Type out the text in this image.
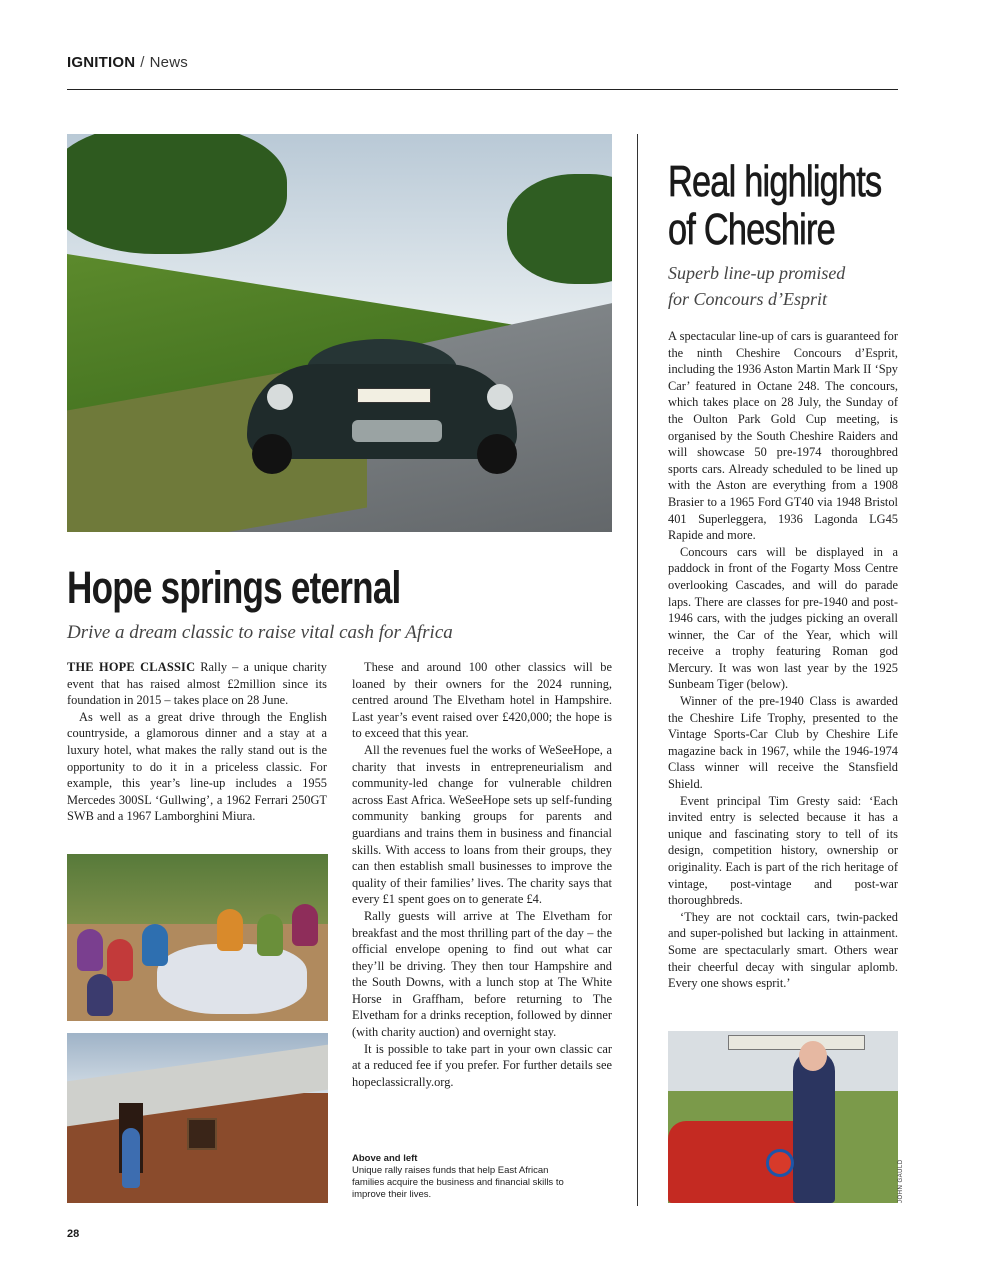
IGNITION / News
Hope springs eternal
Drive a dream classic to raise vital cash for Africa

THE HOPE CLASSIC Rally – a unique charity event that has raised almost £2million since its foundation in 2015 – takes place on 28 June.

As well as a great drive through the English countryside, a glamorous dinner and a stay at a luxury hotel, what makes the rally stand out is the opportunity to do it in a priceless classic. For example, this year’s line-up includes a 1955 Mercedes 300SL ‘Gullwing’, a 1962 Ferrari 250GT SWB and a 1967 Lamborghini Miura.

These and around 100 other classics will be loaned by their owners for the 2024 running, centred around The Elvetham hotel in Hampshire. Last year’s event raised over £420,000; the hope is to exceed that this year.

All the revenues fuel the works of WeSeeHope, a charity that invests in entrepreneurialism and community-led change for vulnerable children across East Africa. WeSeeHope sets up self-funding community banking groups for parents and guardians and trains them in business and financial skills. With access to loans from their groups, they can then establish small businesses to improve the quality of their families’ lives. The charity says that every £1 spent goes on to generate £4.

Rally guests will arrive at The Elvetham for breakfast and the most thrilling part of the day – the official envelope opening to find out what car they’ll be driving. They then tour Hampshire and the South Downs, with a lunch stop at The White Horse in Graffham, before returning to The Elvetham for a drinks reception, followed by dinner (with charity auction) and overnight stay.

It is possible to take part in your own classic car at a reduced fee if you prefer. For further details see hopeclassicrally.org.

Above and left
Unique rally raises funds that help East African families acquire the business and financial skills to improve their lives.
Real highlights
of Cheshire
Superb line-up promised
for Concours d’Esprit

A spectacular line-up of cars is guaranteed for the ninth Cheshire Concours d’Esprit, including the 1936 Aston Martin Mark II ‘Spy Car’ featured in Octane 248. The concours, which takes place on 28 July, the Sunday of the Oulton Park Gold Cup meeting, is organised by the South Cheshire Raiders and will showcase 50 pre-1974 thoroughbred sports cars. Already scheduled to be lined up with the Aston are everything from a 1908 Brasier to a 1965 Ford GT40 via 1948 Bristol 401 Superleggera, 1936 Lagonda LG45 Rapide and more.

Concours cars will be displayed in a paddock in front of the Fogarty Moss Centre overlooking Cascades, and will do parade laps. There are classes for pre-1940 and post-1946 cars, with the judges picking an overall winner, the Car of the Year, which will receive a trophy featuring Roman god Mercury. It was won last year by the 1925 Sunbeam Tiger (below).

Winner of the pre-1940 Class is awarded the Cheshire Life Trophy, presented to the Vintage Sports-Car Club by Cheshire Life magazine back in 1967, while the 1946-1974 Class winner will receive the Stansfield Shield.

Event principal Tim Gresty said: ‘Each invited entry is selected because it has a unique and fascinating story to tell of its design, competition history, ownership or originality. Each is part of the rich heritage of vintage, post-vintage and post-war thoroughbreds.

‘They are not cocktail cars, twin-packed and super-polished but lacking in attainment. Some are spectacularly smart. Others wear their cheerful decay with singular aplomb. Every one shows esprit.’

JOHN GAULD
28
